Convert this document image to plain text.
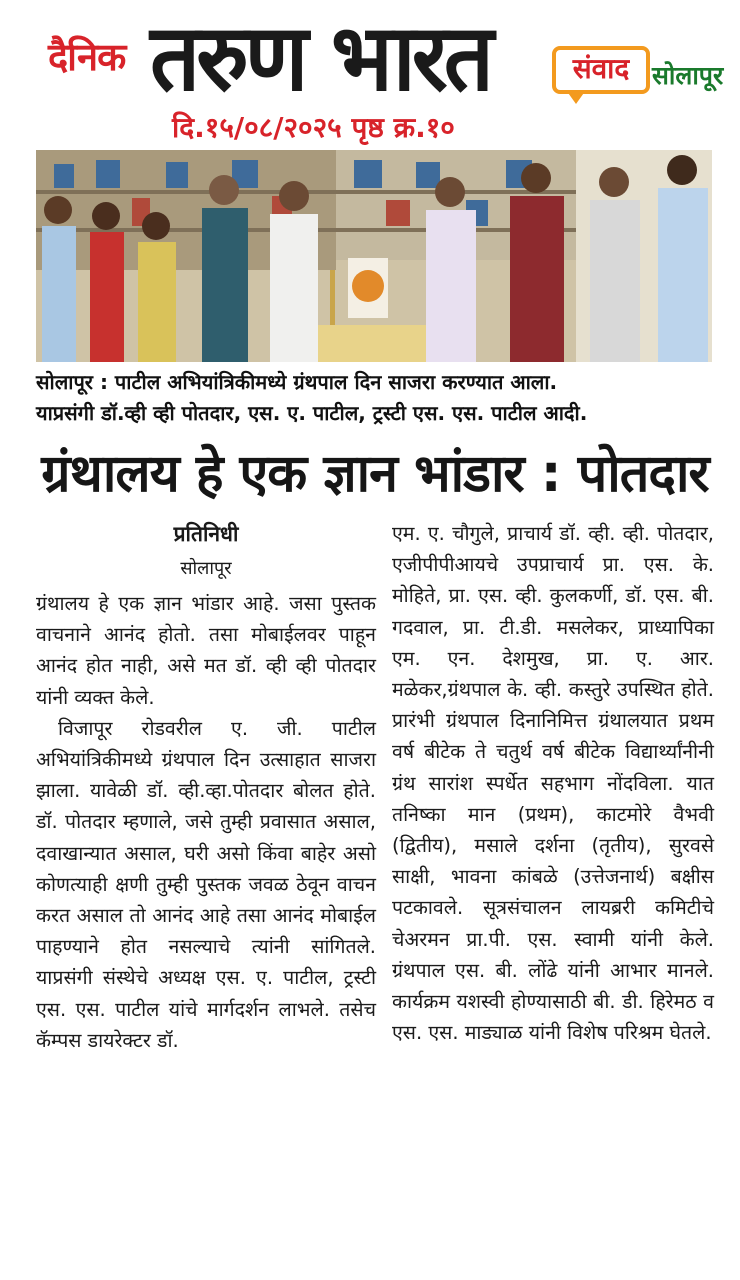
दैनिक तरुण भारत	संवाद सोलापूर
दि.१५/०८/२०२५ पृष्ठ क्र.१०
सोलापूर : पाटील अभियांत्रिकीमध्ये ग्रंथपाल दिन साजरा करण्यात आला.
याप्रसंगी डॉ.व्ही व्ही पोतदार, एस. ए. पाटील, ट्रस्टी एस. एस. पाटील आदी.
ग्रंथालय हे एक ज्ञान भांडार : पोतदार
प्रतिनिधी
सोलापूर

ग्रंथालय हे एक ज्ञान भांडार आहे. जसा पुस्तक वाचनाने आनंद होतो. तसा मोबाईलवर पाहून आनंद होत नाही, असे मत डॉ. व्ही व्ही पोतदार यांनी व्यक्त केले.

विजापूर रोडवरील ए. जी. पाटील अभियांत्रिकीमध्ये ग्रंथपाल दिन उत्साहात साजरा झाला. यावेळी डॉ. व्ही.व्हा.पोतदार बोलत होते. डॉ. पोतदार म्हणाले, जसे तुम्ही प्रवासात असाल, दवाखान्यात असाल, घरी असो किंवा बाहेर असो कोणत्याही क्षणी तुम्ही पुस्तक जवळ ठेवून वाचन करत असाल तो आनंद आहे तसा आनंद मोबाईल पाहण्याने होत नसल्याचे त्यांनी सांगितले. याप्रसंगी संस्थेचे अध्यक्ष एस. ए. पाटील, ट्रस्टी एस. एस. पाटील यांचे मार्गदर्शन लाभले. तसेच कॅम्पस डायरेक्टर डॉ.

एम. ए. चौगुले, प्राचार्य डॉ. व्ही. व्ही. पोतदार, एजीपीपीआयचे उपप्राचार्य प्रा. एस. के. मोहिते, प्रा. एस. व्ही. कुलकर्णी, डॉ. एस. बी. गदवाल, प्रा. टी.डी. मसलेकर, प्राध्यापिका एम. एन. देशमुख, प्रा. ए. आर. मळेकर,ग्रंथपाल के. व्ही. कस्तुरे उपस्थित होते. प्रारंभी ग्रंथपाल दिनानिमित्त ग्रंथालयात प्रथम वर्ष बीटेक ते चतुर्थ वर्ष बीटेक विद्यार्थ्यांनीनी ग्रंथ सारांश स्पर्धेत सहभाग नोंदविला. यात तनिष्का मान (प्रथम), काटमोरे वैभवी (द्वितीय), मसाले दर्शना (तृतीय), सुरवसे साक्षी, भावना कांबळे (उत्तेजनार्थ) बक्षीस पटकावले. सूत्रसंचालन लायब्ररी कमिटीचे चेअरमन प्रा.पी. एस. स्वामी यांनी केले. ग्रंथपाल एस. बी. लोंढे यांनी आभार मानले. कार्यक्रम यशस्वी होण्यासाठी बी. डी. हिरेमठ व एस. एस. माड्याळ यांनी विशेष परिश्रम घेतले.
